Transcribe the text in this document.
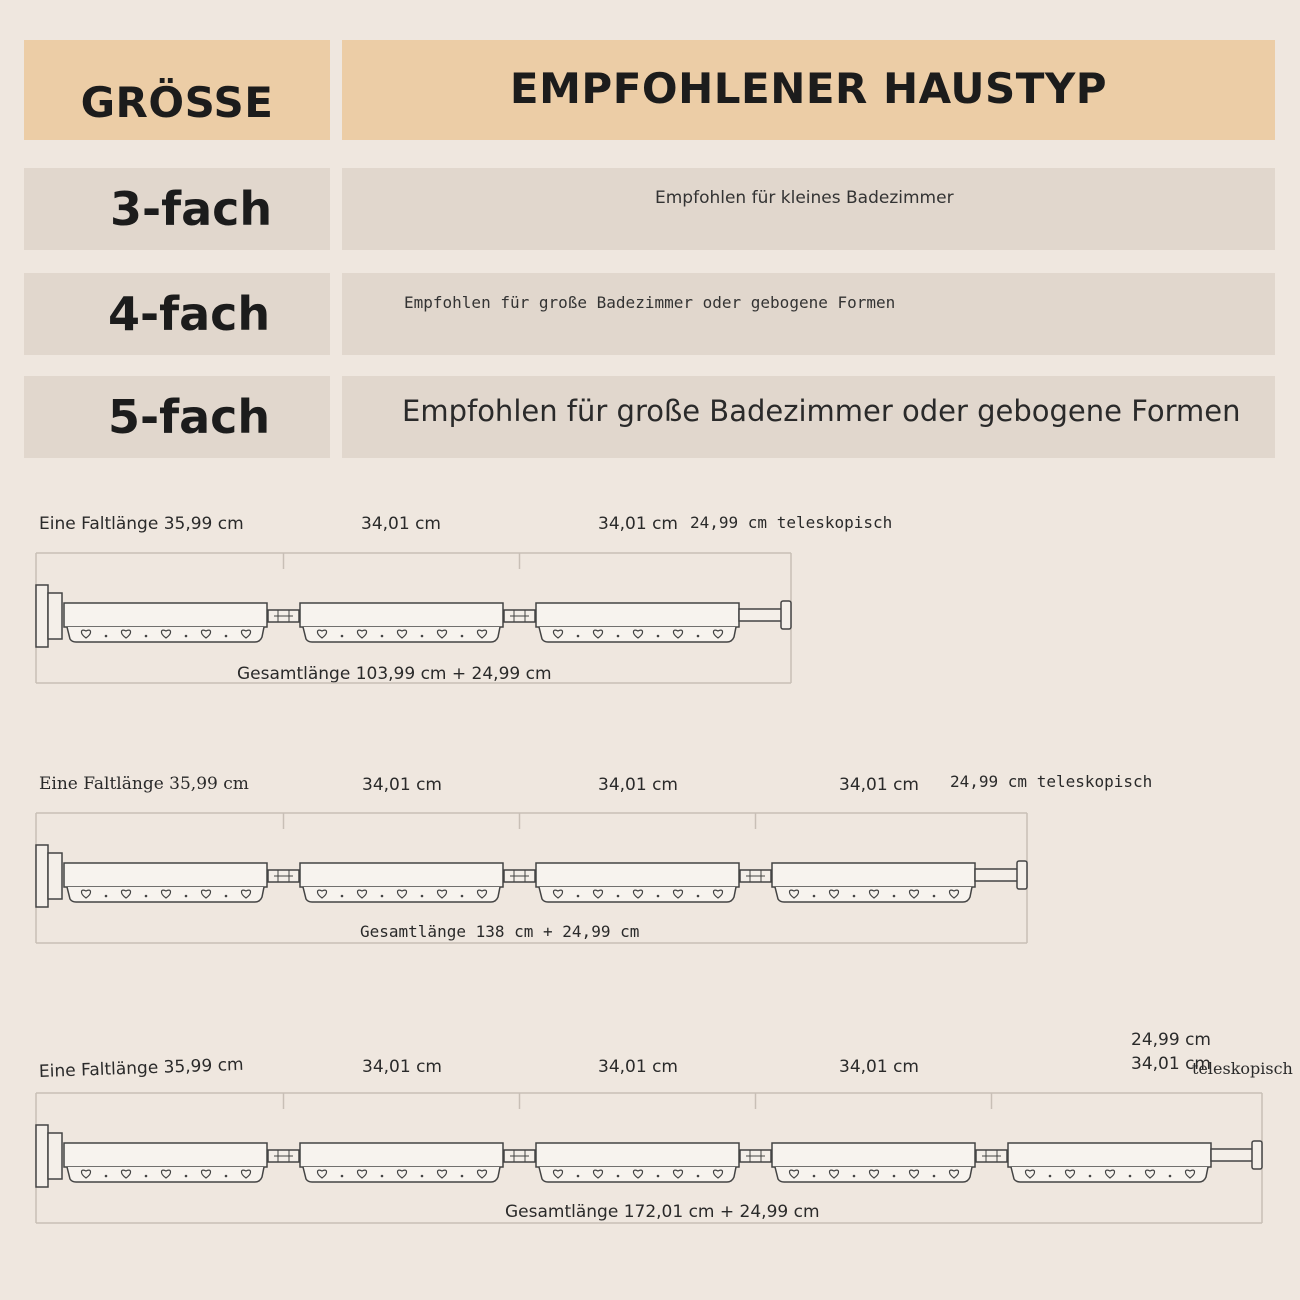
GRÖSSE	EMPFOHLENER HAUSTYP
3-fach	Empfohlen für kleines Badezimmer
4-fach	Empfohlen für große Badezimmer oder gebogene Formen
5-fach	Empfohlen für große Badezimmer oder gebogene Formen
Eine Faltlänge 35,99 cm	34,01 cm	34,01 cm 24,99 cm teleskopisch
Gesamtlänge 103,99 cm + 24,99 cm
Eine Faltlänge 35,99 cm	34,01 cm	34,01 cm	34,01 cm 24,99 cm teleskopisch
Gesamtlänge 138 cm + 24,99 cm
Eine Faltlänge 35,99 cm	34,01 cm	34,01 cm	34,01 cm
24,99 cm
34,01 cm
teleskopisch
Gesamtlänge 172,01 cm + 24,99 cm
